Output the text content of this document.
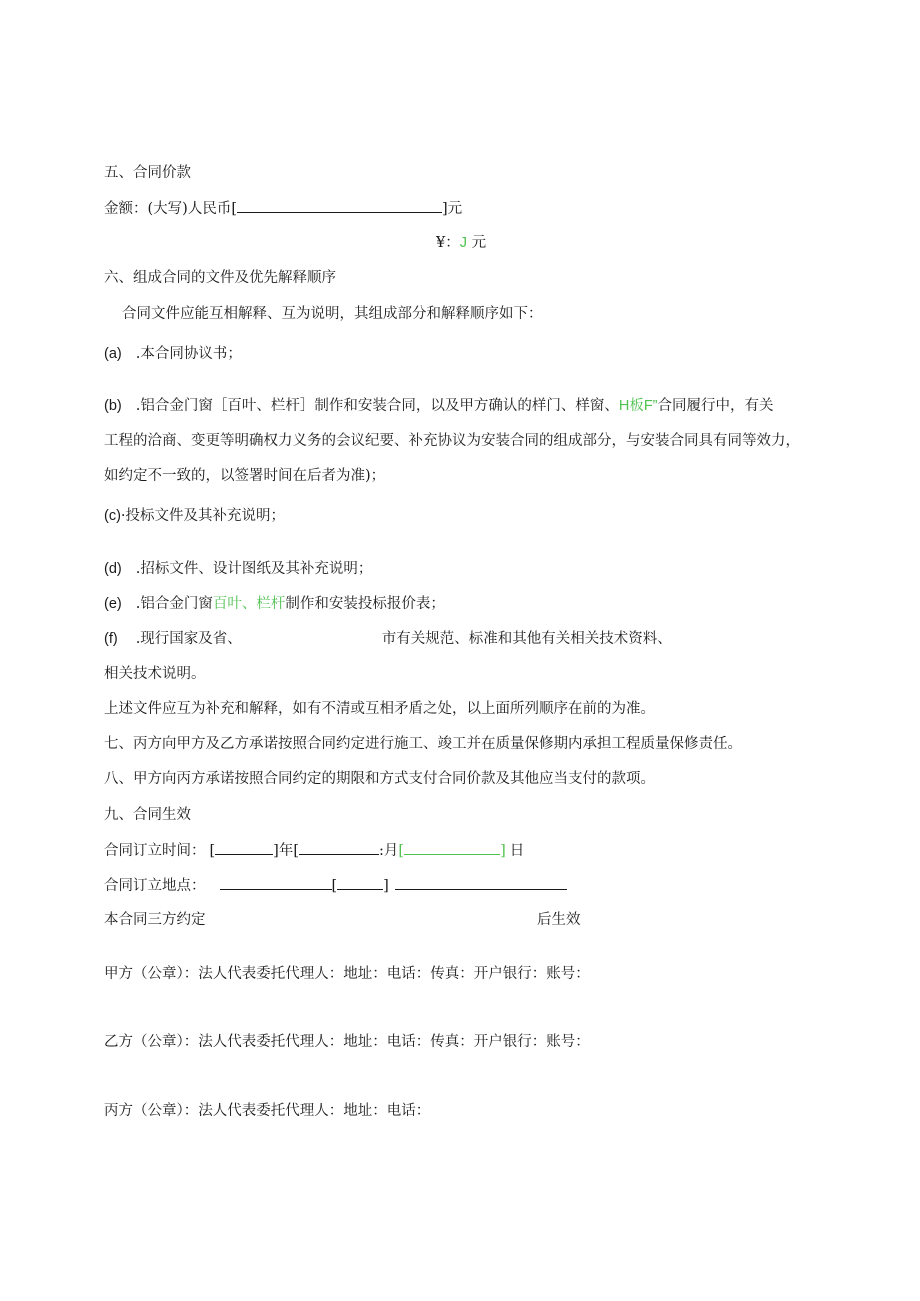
五、合同价款
金额：(大写)人民币[	]元
¥：J 元
六、组成合同的文件及优先解释顺序
合同文件应能互相解释、互为说明，其组成部分和解释顺序如下：
(a) .本合同协议书；
(b) .铝合金门窗［百叶、栏杆］制作和安装合同，以及甲方确认的样门、样窗、H板F”合同履行中，有关
工程的洽商、变更等明确权力义务的会议纪要、补充协议为安装合同的组成部分，与安装合同具有同等效力，
如约定不一致的，以签署时间在后者为准)；
(c)·投标文件及其补充说明；
(d) .招标文件、设计图纸及其补充说明；
(e) .铝合金门窗百叶、栏杆制作和安装投标报价表；
(f) .现行国家及省、	市有关规范、标准和其他有关相关技术资料、
相关技术说明。
上述文件应互为补充和解释，如有不清或互相矛盾之处，以上面所列顺序在前的为准。
七、丙方向甲方及乙方承诺按照合同约定进行施工、竣工并在质量保修期内承担工程质量保修责任。
八、甲方向丙方承诺按照合同约定的期限和方式支付合同价款及其他应当支付的款项。
九、合同生效
合同订立时间： [	]年[	:月[	] 日
合同订立地点：	[	]
本合同三方约定	后生效
甲方（公章）：法人代表委托代理人：地址：电话：传真：开户银行：账号：
乙方（公章）：法人代表委托代理人：地址：电话：传真：开户银行：账号：
丙方（公章）：法人代表委托代理人：地址：电话：
